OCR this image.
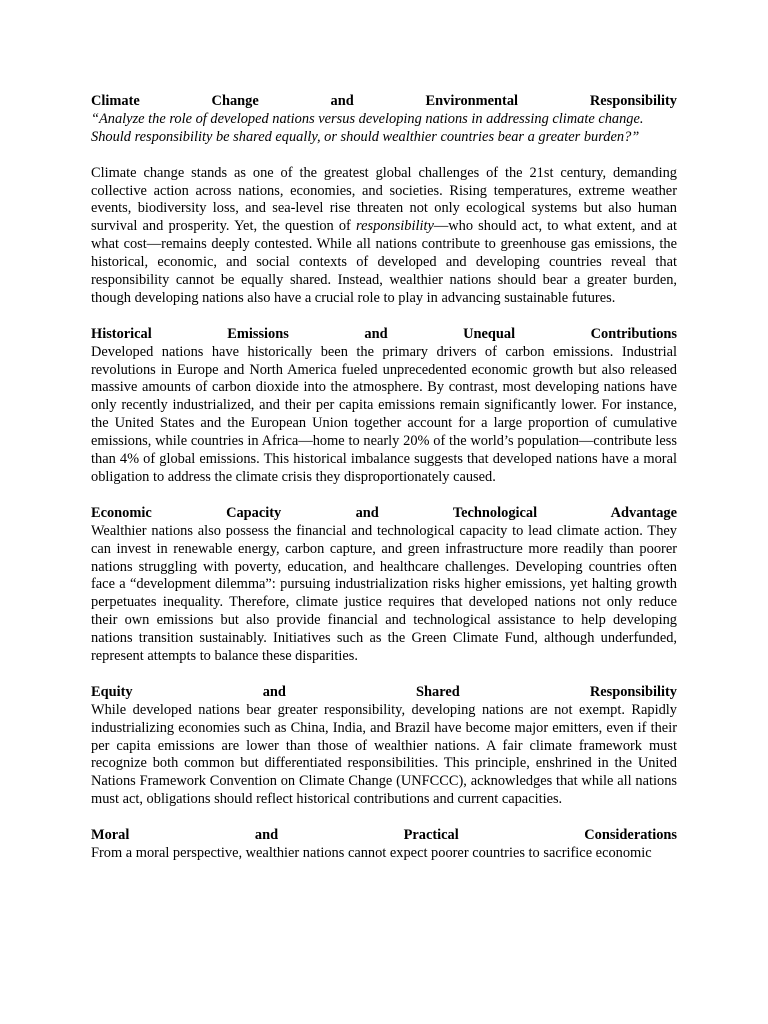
Climate Change and Environmental Responsibility

“Analyze the role of developed nations versus developing nations in addressing climate change. Should responsibility be shared equally, or should wealthier countries bear a greater burden?”

Climate change stands as one of the greatest global challenges of the 21st century, demanding collective action across nations, economies, and societies. Rising temperatures, extreme weather events, biodiversity loss, and sea-level rise threaten not only ecological systems but also human survival and prosperity. Yet, the question of responsibility—who should act, to what extent, and at what cost—remains deeply contested. While all nations contribute to greenhouse gas emissions, the historical, economic, and social contexts of developed and developing countries reveal that responsibility cannot be equally shared. Instead, wealthier nations should bear a greater burden, though developing nations also have a crucial role to play in advancing sustainable futures.

Historical Emissions and Unequal Contributions

Developed nations have historically been the primary drivers of carbon emissions. Industrial revolutions in Europe and North America fueled unprecedented economic growth but also released massive amounts of carbon dioxide into the atmosphere. By contrast, most developing nations have only recently industrialized, and their per capita emissions remain significantly lower. For instance, the United States and the European Union together account for a large proportion of cumulative emissions, while countries in Africa—home to nearly 20% of the world’s population—contribute less than 4% of global emissions. This historical imbalance suggests that developed nations have a moral obligation to address the climate crisis they disproportionately caused.

Economic Capacity and Technological Advantage

Wealthier nations also possess the financial and technological capacity to lead climate action. They can invest in renewable energy, carbon capture, and green infrastructure more readily than poorer nations struggling with poverty, education, and healthcare challenges. Developing countries often face a “development dilemma”: pursuing industrialization risks higher emissions, yet halting growth perpetuates inequality. Therefore, climate justice requires that developed nations not only reduce their own emissions but also provide financial and technological assistance to help developing nations transition sustainably. Initiatives such as the Green Climate Fund, although underfunded, represent attempts to balance these disparities.

Equity and Shared Responsibility

While developed nations bear greater responsibility, developing nations are not exempt. Rapidly industrializing economies such as China, India, and Brazil have become major emitters, even if their per capita emissions are lower than those of wealthier nations. A fair climate framework must recognize both common but differentiated responsibilities. This principle, enshrined in the United Nations Framework Convention on Climate Change (UNFCCC), acknowledges that while all nations must act, obligations should reflect historical contributions and current capacities.

Moral and Practical Considerations

From a moral perspective, wealthier nations cannot expect poorer countries to sacrifice economic
